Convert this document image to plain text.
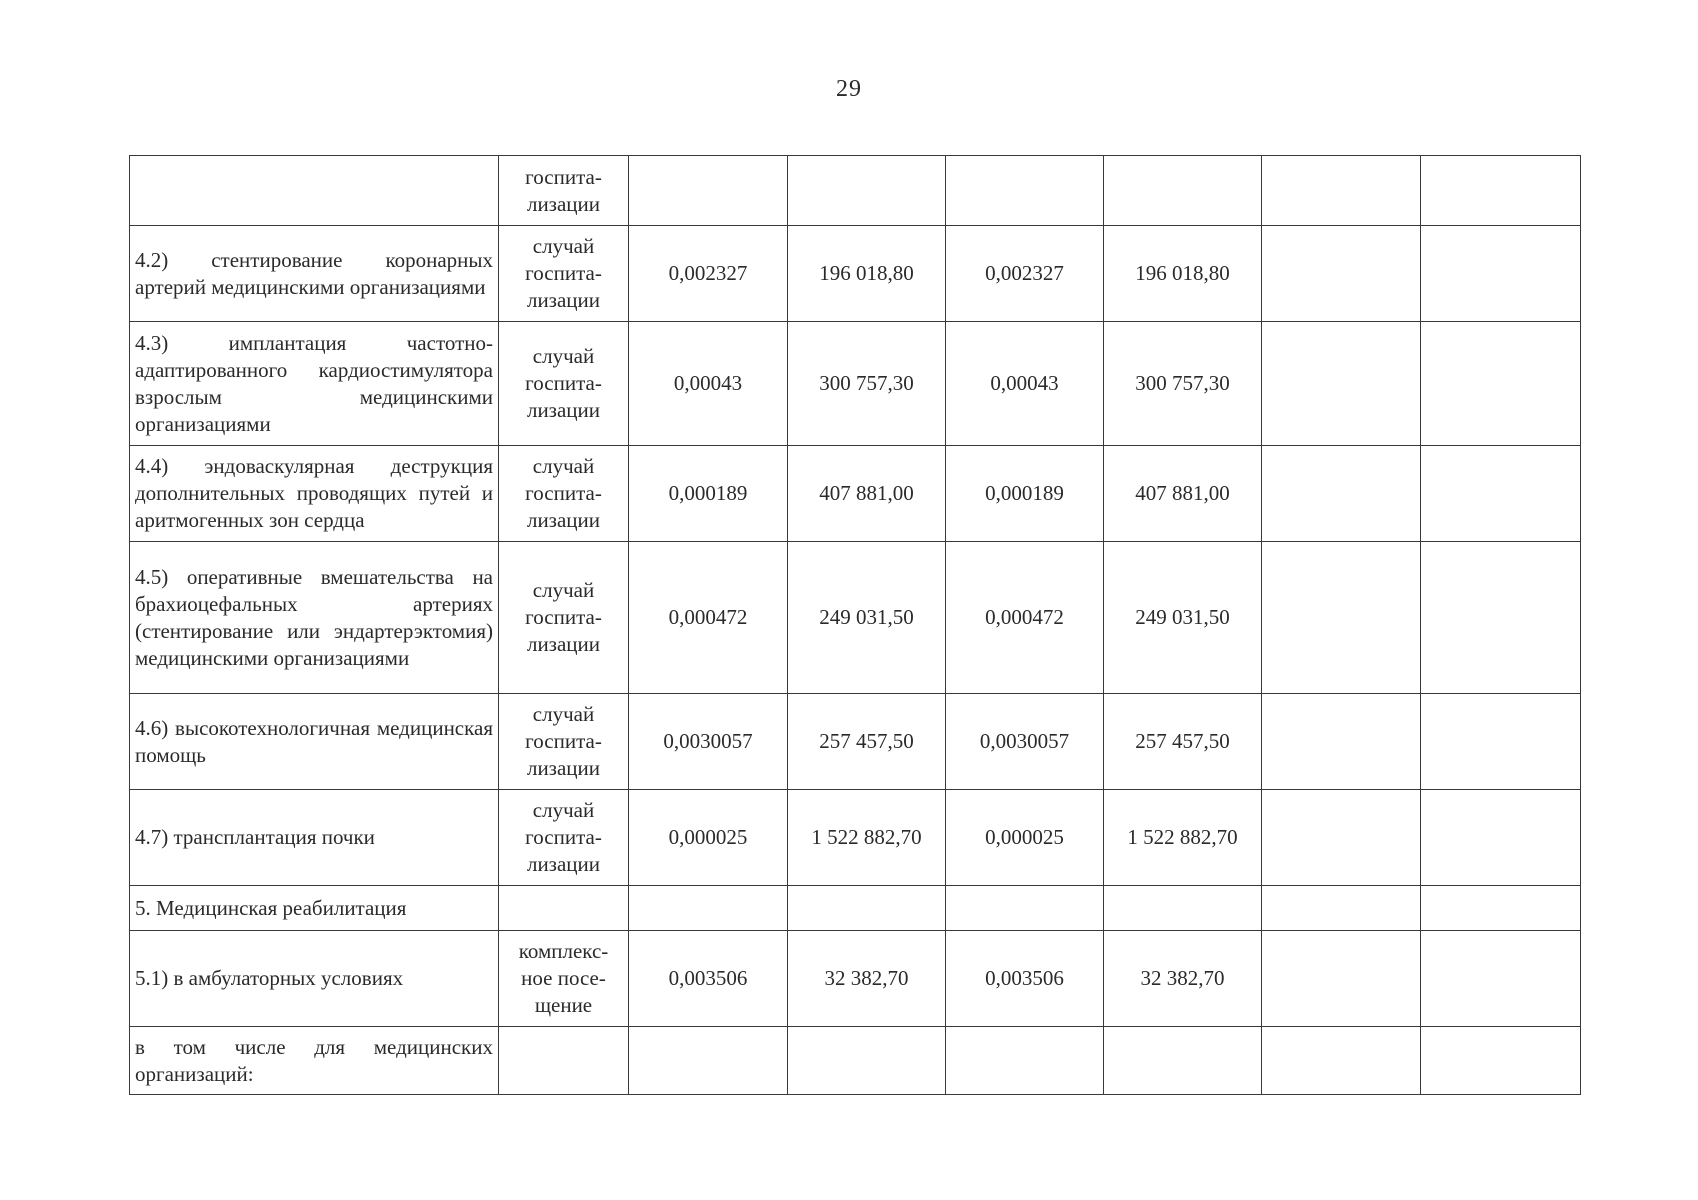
29
	госпита-
лизации						
4.2) стентирование коронарных артерий медицинскими организациями	случай
госпита-
лизации	0,002327	196 018,80	0,002327	196 018,80		
4.3) имплантация частотно-адаптированного кардиостимулятора взрослым медицинскими организациями	случай
госпита-
лизации	0,00043	300 757,30	0,00043	300 757,30		
4.4) эндоваскулярная деструкция дополнительных проводящих путей и аритмогенных зон сердца	случай
госпита-
лизации	0,000189	407 881,00	0,000189	407 881,00		
4.5) оперативные вмешательства на брахиоцефальных артериях (стентирование или эндартерэктомия) медицинскими организациями	случай
госпита-
лизации	0,000472	249 031,50	0,000472	249 031,50		
4.6) высокотехнологичная медицинская помощь	случай
госпита-
лизации	0,0030057	257 457,50	0,0030057	257 457,50		
4.7) трансплантация почки	случай
госпита-
лизации	0,000025	1 522 882,70	0,000025	1 522 882,70		
5. Медицинская реабилитация							
5.1) в амбулаторных условиях	комплекс-
ное посе-
щение	0,003506	32 382,70	0,003506	32 382,70		
в том числе для медицинских организаций:							
